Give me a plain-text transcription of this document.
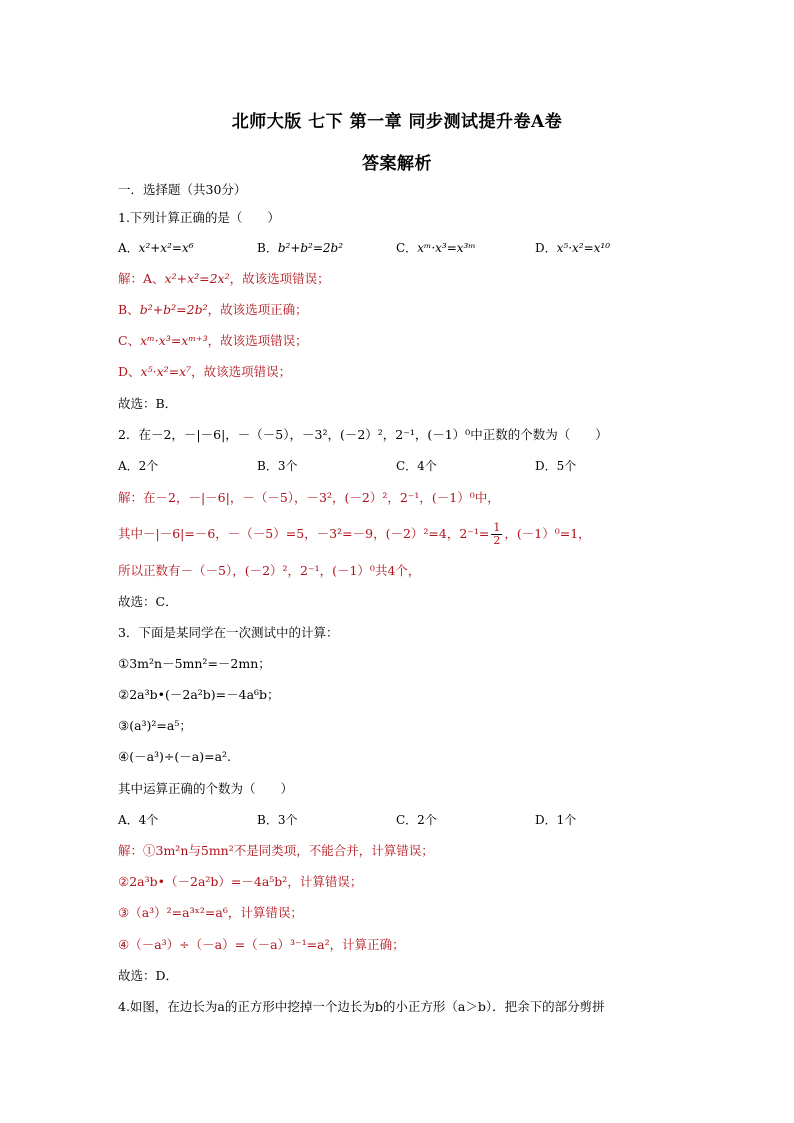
北师大版 七下 第一章 同步测试提升卷A卷
答案解析
一．选择题（共30分）
1.下列计算正确的是（　　）
A．x²+x²=x⁶	B．b²+b²=2b²	C．xᵐ·x³=x³ᵐ	D．x⁵·x²=x¹⁰
解：A、x²+x²=2x²，故该选项错误；
B、b²+b²=2b²，故该选项正确；
C、xᵐ·x³=xᵐ⁺³，故该选项错误；
D、x⁵·x²=x⁷，故该选项错误；
故选：B．
2．在－2，－|－6|，－（－5），－3²，(－2）²，2⁻¹，(－1）⁰中正数的个数为（　　）
A．2个	B．3个	C．4个	D．5个
解：在－2，－|－6|，－（－5），－3²，(－2）²，2⁻¹，(－1）⁰中，
其中－|－6|=－6，－（－5）=5，－3²=－9，(－2）²=4，$2^{-1}= \frac{1}{2}$ ，(－1）⁰=1，
所以正数有－（－5），(－2）²，2⁻¹，(－1）⁰共4个，
故选：C．
3．下面是某同学在一次测试中的计算：
①3m²n－5mn²=－2mn；
②2a³b•(－2a²b)=－4a⁶b；
③(a³)²=a⁵；
④(－a³)÷(－a)=a².
其中运算正确的个数为（　　）
A．4个	B．3个	C．2个	D．1个
解：①3m²n与5mn²不是同类项，不能合并，计算错误；
②2a³b•（－2a²b）=－4a⁵b²，计算错误；
③（a³）²=a³ˣ²=a⁶，计算错误；
④（－a³）÷（－a）=（－a）³⁻¹=a²，计算正确；
故选：D．
4.如图，在边长为a的正方形中挖掉一个边长为b的小正方形（a＞b）．把余下的部分剪拼
